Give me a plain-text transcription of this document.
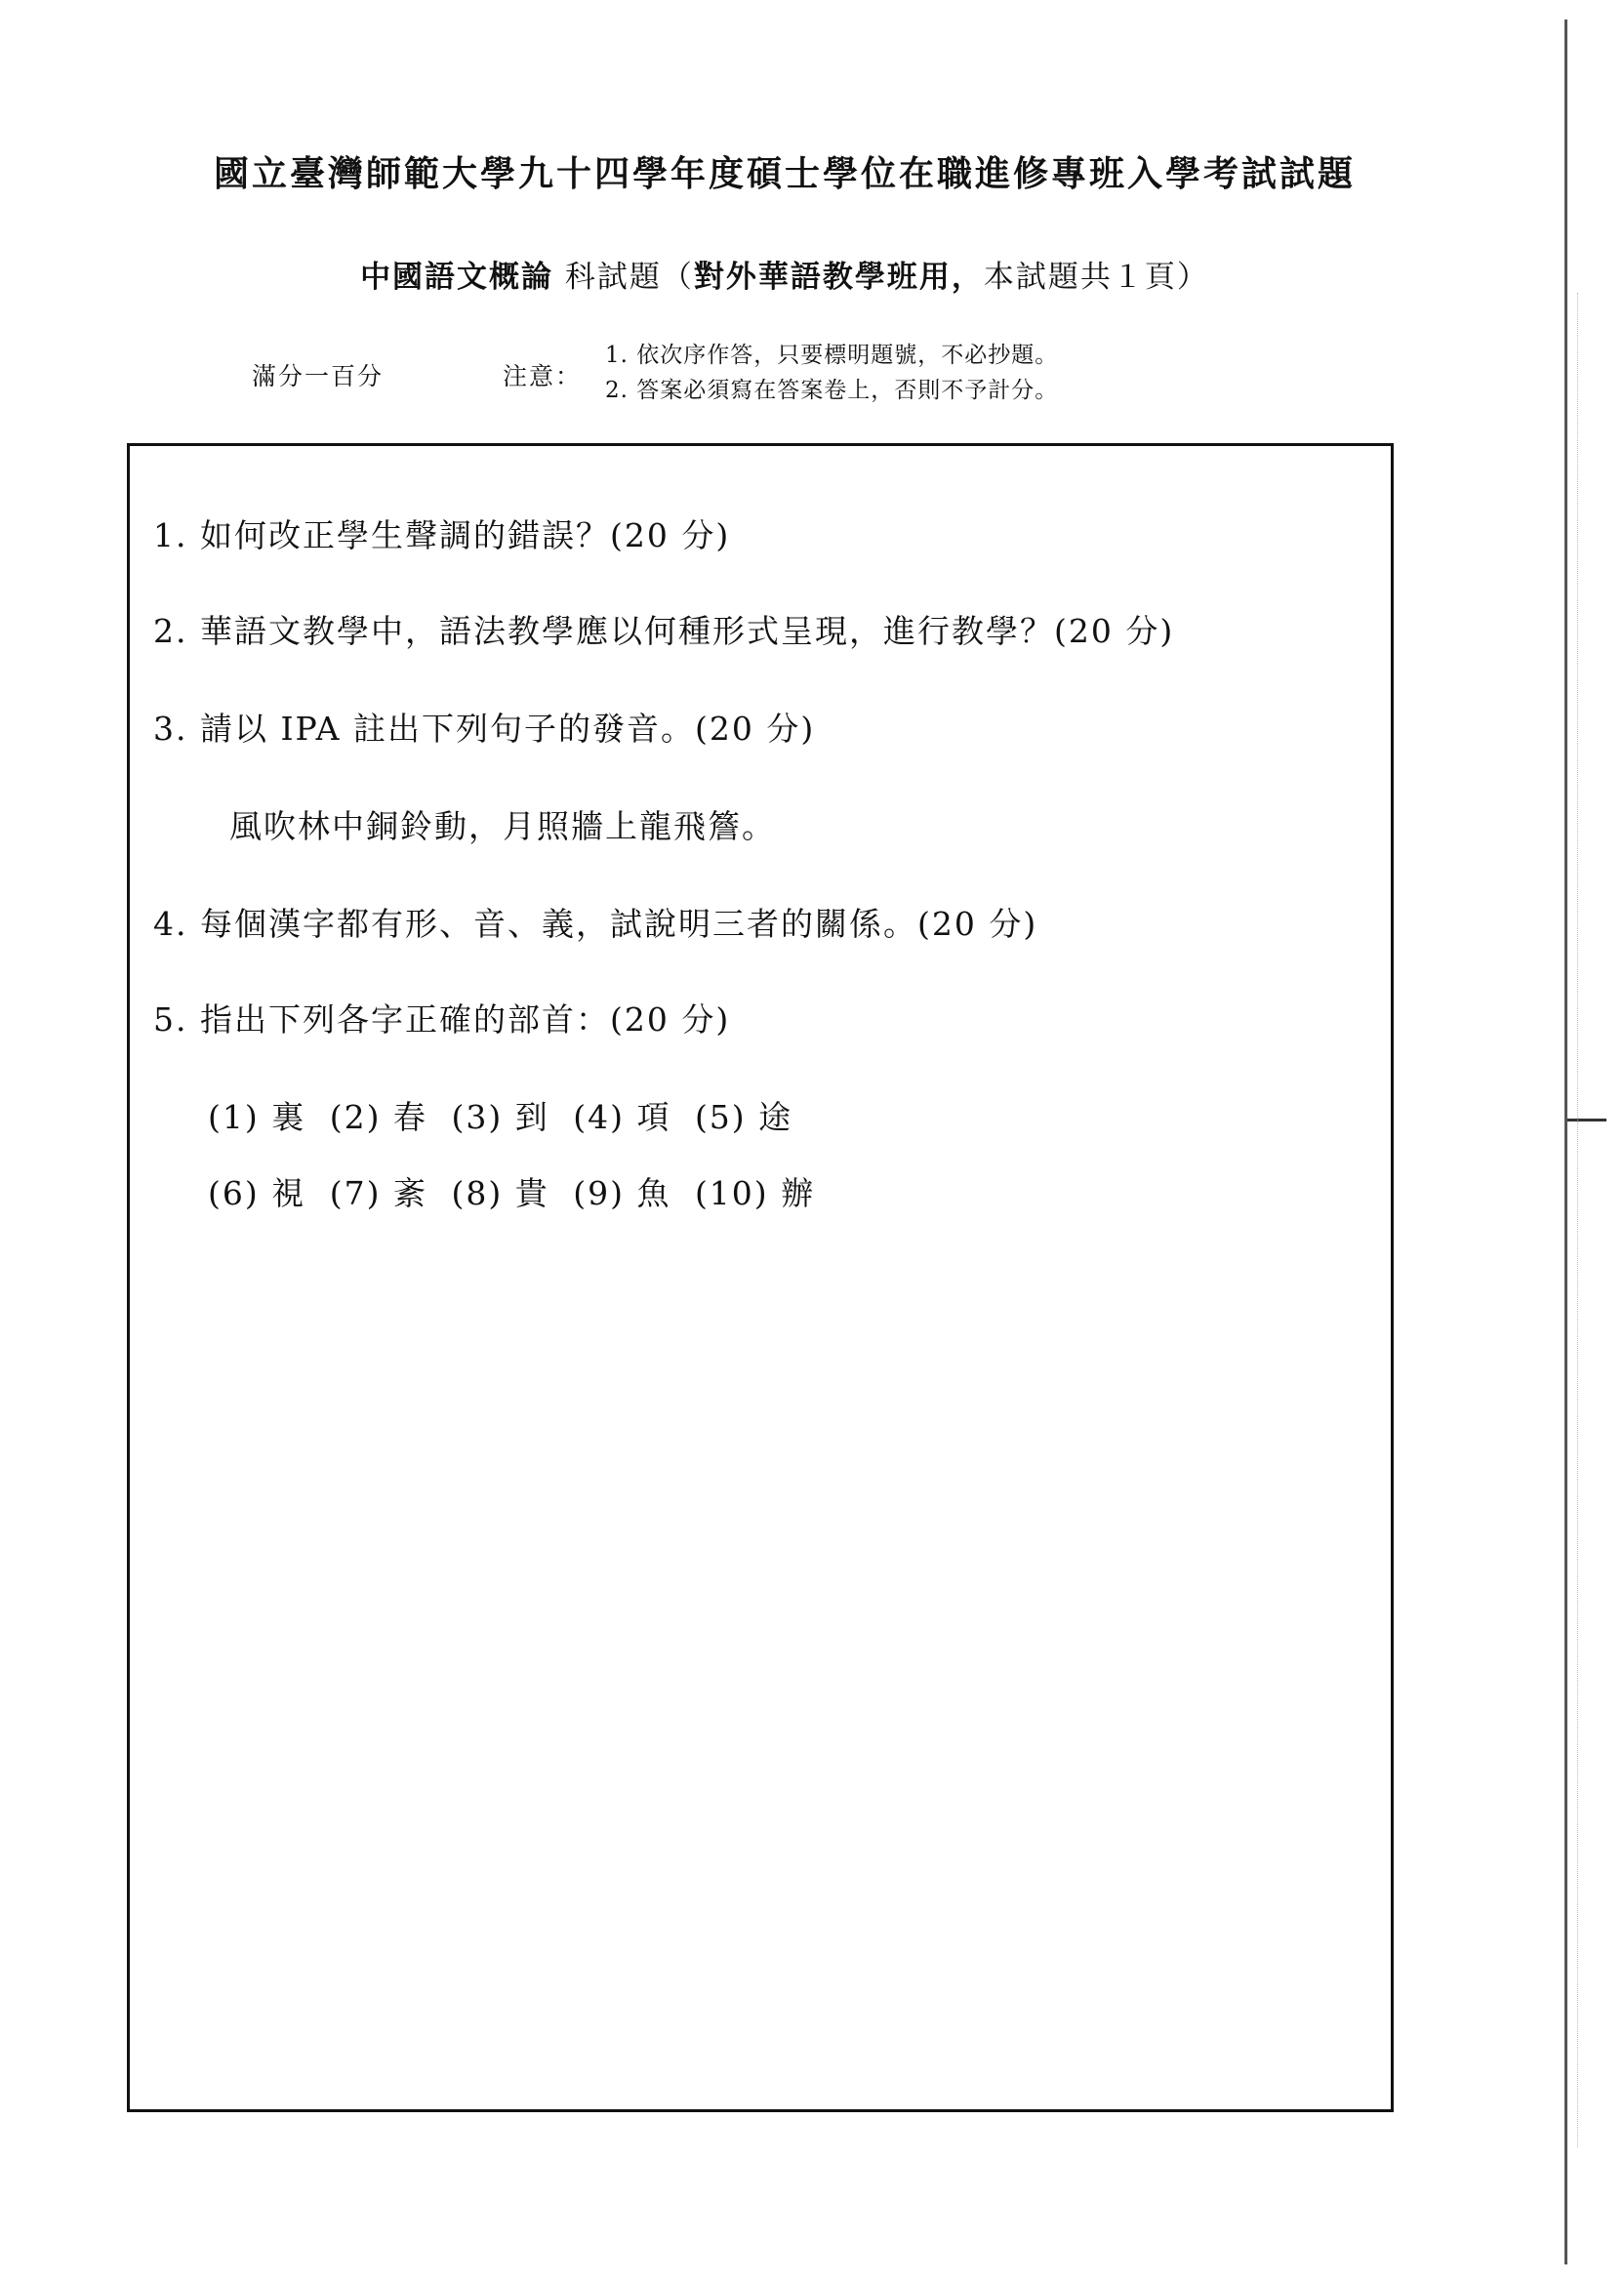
國立臺灣師範大學九十四學年度碩士學位在職進修專班入學考試試題
中國語文概論 科試題（對外華語教學班用，本試題共１頁）
滿分一百分	注意：
1. 依次序作答，只要標明題號，不必抄題。
2. 答案必須寫在答案卷上，否則不予計分。

1. 如何改正學生聲調的錯誤？(20 分)

2. 華語文教學中，語法教學應以何種形式呈現，進行教學？(20 分)

3. 請以 IPA 註出下列句子的發音。(20 分)

風吹林中銅鈴動，月照牆上龍飛簷。

4. 每個漢字都有形、音、義，試說明三者的關係。(20 分)

5. 指出下列各字正確的部首：(20 分)

(1) 裏 (2) 春 (3) 到 (4) 項 (5) 途
(6) 視 (7) 紊 (8) 貴 (9) 魚 (10) 辦
